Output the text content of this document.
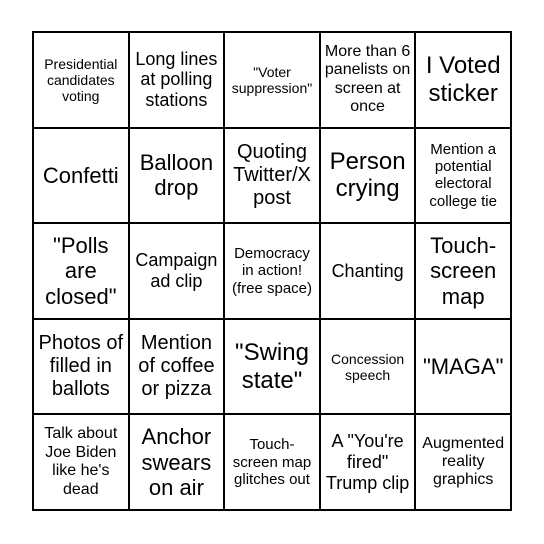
Presidential candidates voting
Long lines at polling stations
"Voter suppression"
More than 6 panelists on screen at once
I Voted sticker
Confetti
Balloon drop
Quoting Twitter/X post
Person crying
Mention a potential electoral college tie
"Polls are closed"
Campaign ad clip
Democracy in action! (free space)
Chanting
Touch-screen map
Photos of filled in ballots
Mention of coffee or pizza
"Swing state"
Concession speech	"MAGA"
Talk about Joe Biden like he's dead
Anchor swears on air
Touch-screen map glitches out
A "You're fired" Trump clip
Augmented reality graphics
